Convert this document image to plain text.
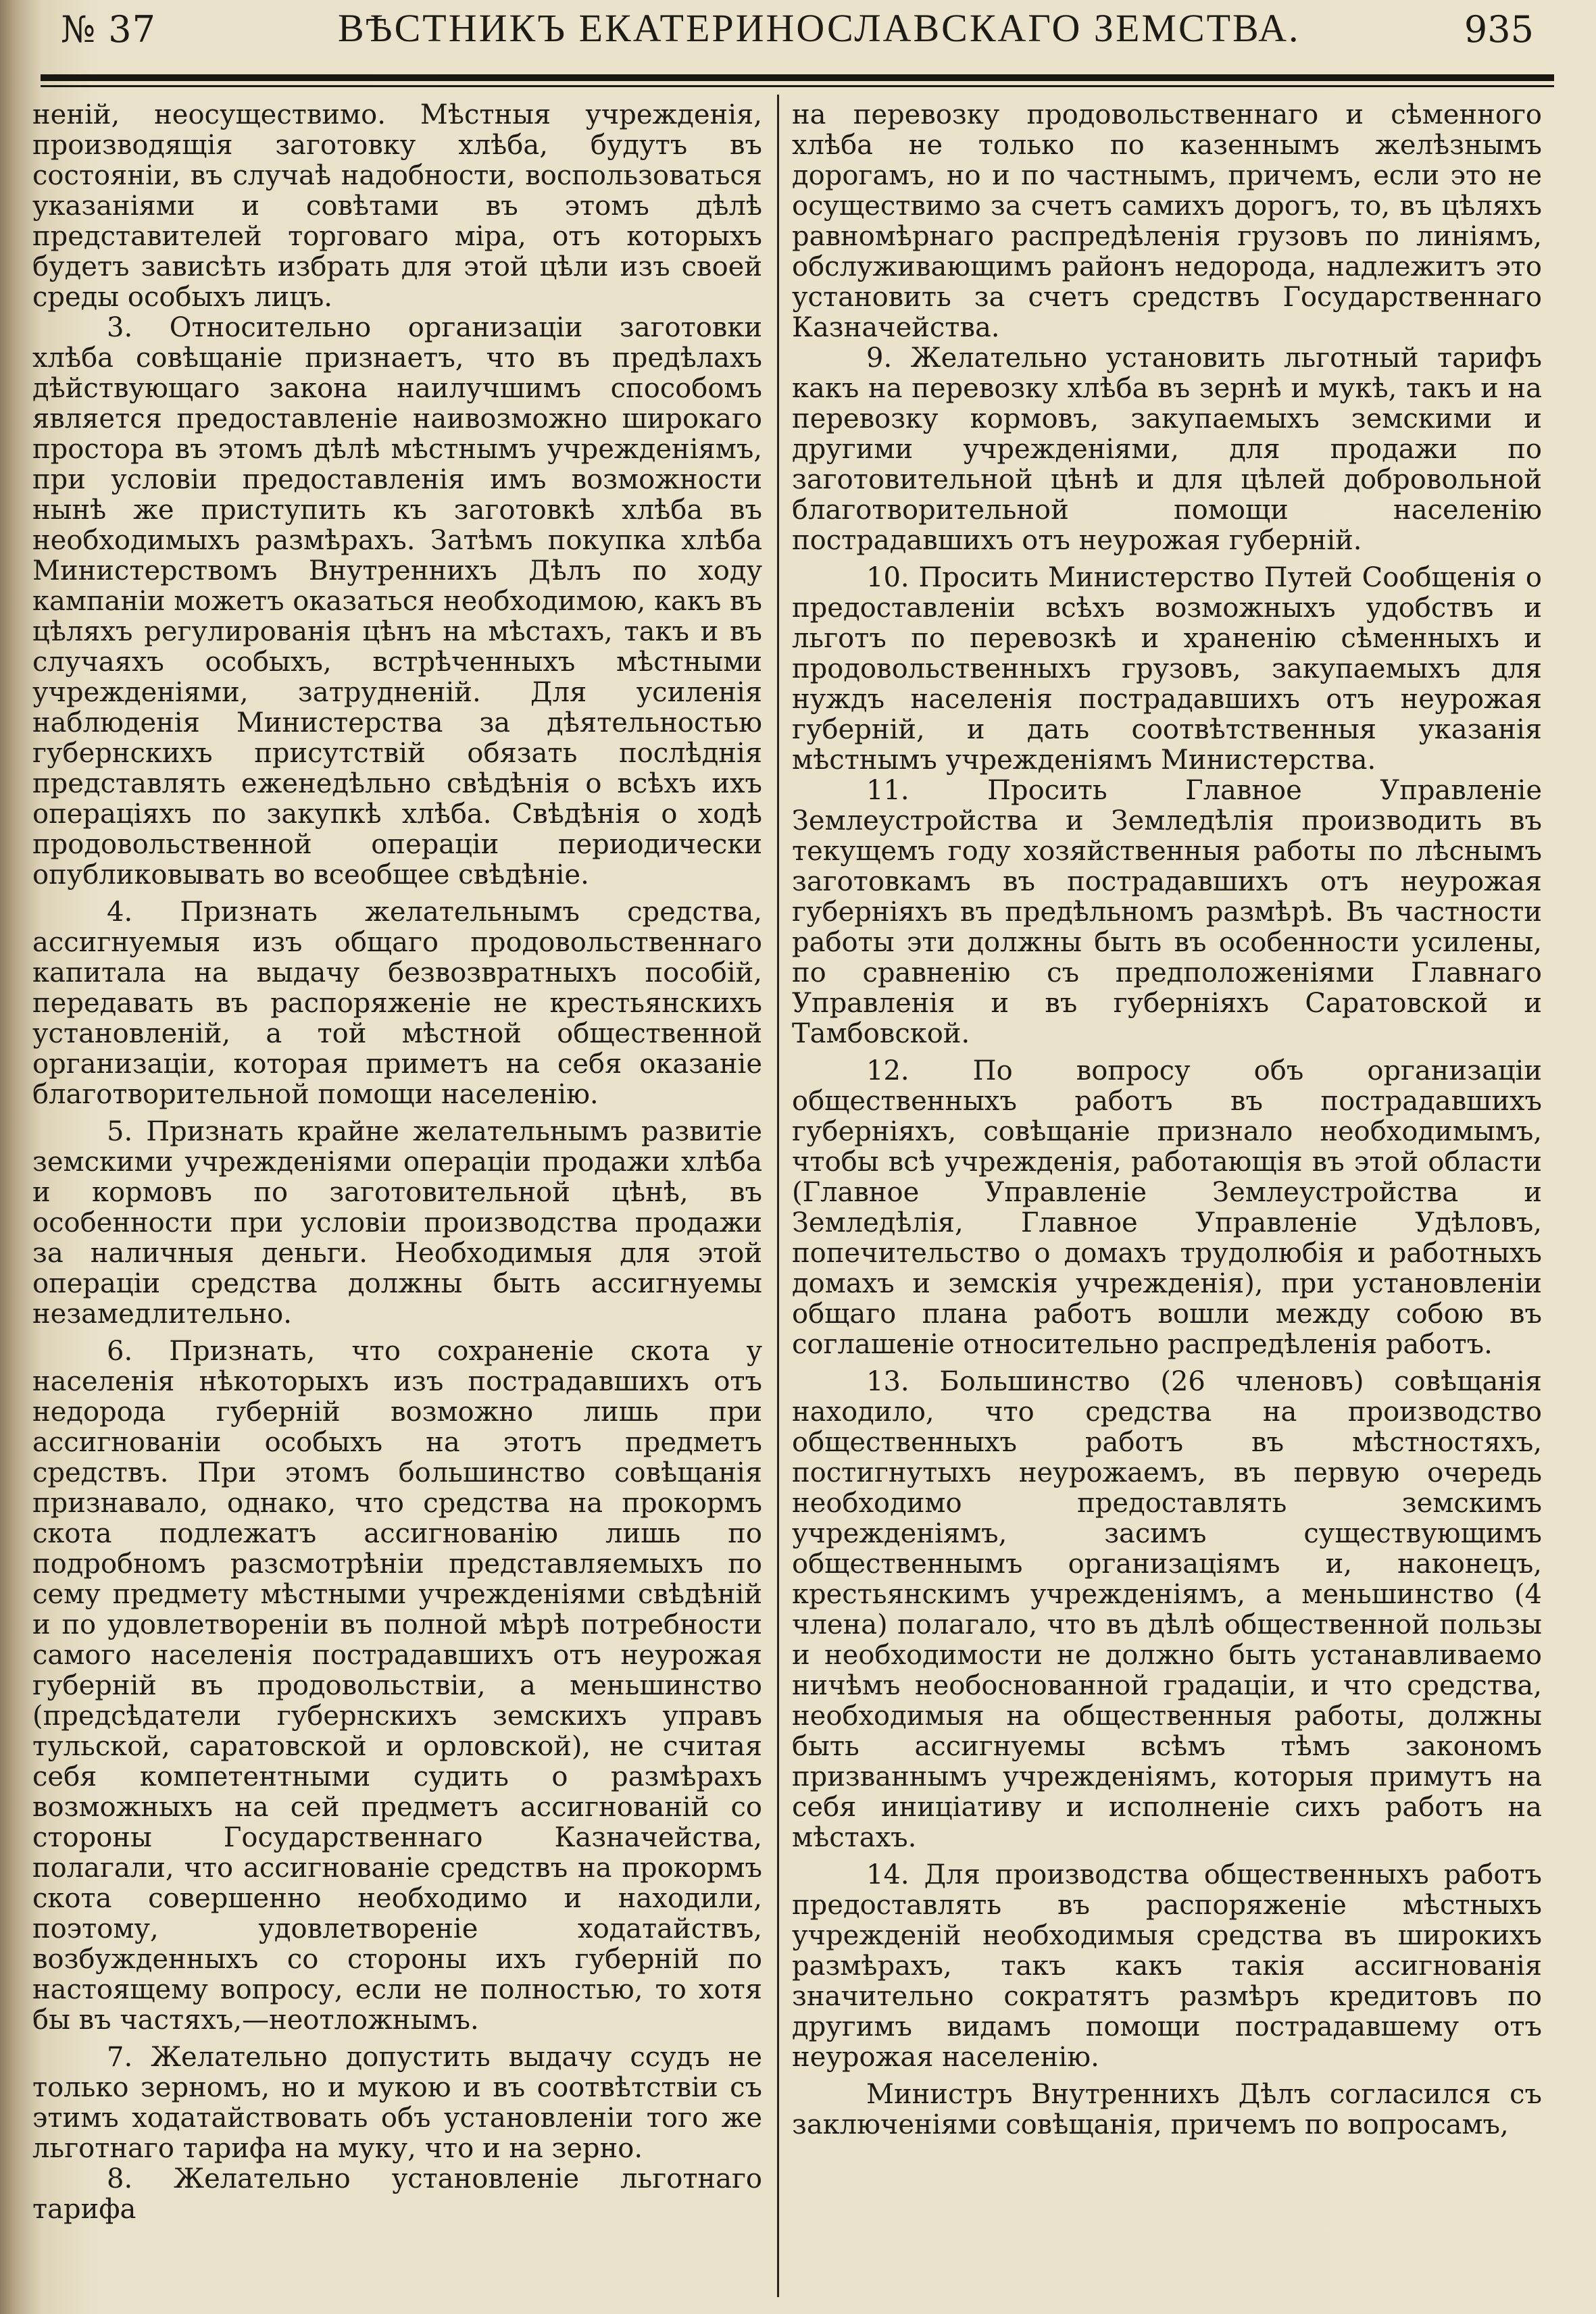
№ 37	ВѢСТНИКЪ ЕКАТЕРИНОСЛАВСКАГО ЗЕМСТВА.	935

ненiй, неосуществимо. Мѣстныя учрежденiя, производящiя заготовку хлѣба, будутъ въ состоянiи, въ случаѣ надобности, воспользоваться указанiями и совѣтами въ этомъ дѣлѣ представителей торговаго мiра, отъ которыхъ будетъ зависѣть избрать для этой цѣли изъ своей среды особыхъ лицъ.

3. Относительно организацiи заготовки хлѣба совѣщанiе признаетъ, что въ предѣлахъ дѣйствующаго закона наилучшимъ способомъ является предоставленiе наивозможно широкаго простора въ этомъ дѣлѣ мѣстнымъ учрежденiямъ, при условiи предоставленiя имъ возможности нынѣ же приступить къ заготовкѣ хлѣба въ необходимыхъ размѣрахъ. Затѣмъ покупка хлѣба Министерствомъ Внутреннихъ Дѣлъ по ходу кампанiи можетъ оказаться необходимою, какъ въ цѣляхъ регулированiя цѣнъ на мѣстахъ, такъ и въ случаяхъ особыхъ, встрѣченныхъ мѣстными учрежденiями, затрудненiй. Для усиленiя наблюденiя Министерства за дѣятельностью губернскихъ присутствiй обязать послѣднiя представлять еженедѣльно свѣдѣнiя о всѣхъ ихъ операцiяхъ по закупкѣ хлѣба. Свѣдѣнiя о ходѣ продовольственной операцiи периодически опубликовывать во всеобщее свѣдѣнiе.

4. Признать желательнымъ средства, ассигнуемыя изъ общаго продовольственнаго капитала на выдачу безвозвратныхъ пособiй, передавать въ распоряженiе не крестьянскихъ установленiй, а той мѣстной общественной организацiи, которая приметъ на себя оказанiе благотворительной помощи населенiю.

5. Признать крайне желательнымъ развитiе земскими учрежденiями операцiи продажи хлѣба и кормовъ по заготовительной цѣнѣ, въ особенности при условiи производства продажи за наличныя деньги. Необходимыя для этой операцiи средства должны быть ассигнуемы незамедлительно.

6. Признать, что сохраненiе скота у населенiя нѣкоторыхъ изъ пострадавшихъ отъ недорода губернiй возможно лишь при ассигнованiи особыхъ на этотъ предметъ средствъ. При этомъ большинство совѣщанiя признавало, однако, что средства на прокормъ скота подлежатъ ассигнованiю лишь по подробномъ разсмотрѣнiи представляемыхъ по сему предмету мѣстными учрежденiями свѣдѣнiй и по удовлетворенiи въ полной мѣрѣ потребности самого населенiя пострадавшихъ отъ неурожая губернiй въ продовольствiи, а меньшинство (предсѣдатели губернскихъ земскихъ управъ тульской, саратовской и орловской), не считая себя компетентными судить о размѣрахъ возможныхъ на сей предметъ ассигнованiй со стороны Государственнаго Казначейства, полагали, что ассигнованiе средствъ на прокормъ скота совершенно необходимо и находили, поэтому, удовлетворенiе ходатайствъ, возбужденныхъ со стороны ихъ губернiй по настоящему вопросу, если не полностью, то хотя бы въ частяхъ,—неотложнымъ.

7. Желательно допустить выдачу ссудъ не только зерномъ, но и мукою и въ соотвѣтствiи съ этимъ ходатайствовать объ установленiи того же льготнаго тарифа на муку, что и на зерно.

8. Желательно установленiе льготнаго тарифа

на перевозку продовольственнаго и сѣменного хлѣба не только по казеннымъ желѣзнымъ дорогамъ, но и по частнымъ, причемъ, если это не осуществимо за счетъ самихъ дорогъ, то, въ цѣляхъ равномѣрнаго распредѣленiя грузовъ по линiямъ, обслуживающимъ районъ недорода, надлежитъ это установить за счетъ средствъ Государственнаго Казначейства.

9. Желательно установить льготный тарифъ какъ на перевозку хлѣба въ зернѣ и мукѣ, такъ и на перевозку кормовъ, закупаемыхъ земскими и другими учрежденiями, для продажи по заготовительной цѣнѣ и для цѣлей добровольной благотворительной помощи населенiю пострадавшихъ отъ неурожая губернiй.

10. Просить Министерство Путей Сообщенiя о предоставленiи всѣхъ возможныхъ удобствъ и льготъ по перевозкѣ и храненiю сѣменныхъ и продовольственныхъ грузовъ, закупаемыхъ для нуждъ населенiя пострадавшихъ отъ неурожая губернiй, и дать соотвѣтственныя указанiя мѣстнымъ учрежденiямъ Министерства.

11. Просить Главное Управленiе Землеустройства и Земледѣлiя производить въ текущемъ году хозяйственныя работы по лѣснымъ заготовкамъ въ пострадавшихъ отъ неурожая губернiяхъ въ предѣльномъ размѣрѣ. Въ частности работы эти должны быть въ особенности усилены, по сравненiю съ предположенiями Главнаго Управленiя и въ губернiяхъ Саратовской и Тамбовской.

12. По вопросу объ организацiи общественныхъ работъ въ пострадавшихъ губернiяхъ, совѣщанiе признало необходимымъ, чтобы всѣ учрежденiя, работающiя въ этой области (Главное Управленiе Землеустройства и Земледѣлiя, Главное Управленiе Удѣловъ, попечительство о домахъ трудолюбiя и работныхъ домахъ и земскiя учрежденiя), при установленiи общаго плана работъ вошли между собою въ соглашенiе относительно распредѣленiя работъ.

13. Большинство (26 членовъ) совѣщанiя находило, что средства на производство общественныхъ работъ въ мѣстностяхъ, постигнутыхъ неурожаемъ, въ первую очередь необходимо предоставлять земскимъ учрежденiямъ, засимъ существующимъ общественнымъ организацiямъ и, наконецъ, крестьянскимъ учрежденiямъ, а меньшинство (4 члена) полагало, что въ дѣлѣ общественной пользы и необходимости не должно быть устанавливаемо ничѣмъ необоснованной градацiи, и что средства, необходимыя на общественныя работы, должны быть ассигнуемы всѣмъ тѣмъ закономъ призваннымъ учрежденiямъ, которыя примутъ на себя иницiативу и исполненiе сихъ работъ на мѣстахъ.

14. Для производства общественныхъ работъ предоставлять въ распоряженiе мѣстныхъ учрежденiй необходимыя средства въ широкихъ размѣрахъ, такъ какъ такiя ассигнованiя значительно сократятъ размѣръ кредитовъ по другимъ видамъ помощи пострадавшему отъ неурожая населенiю.

Министръ Внутреннихъ Дѣлъ согласился съ заключенiями совѣщанiя, причемъ по вопросамъ,
